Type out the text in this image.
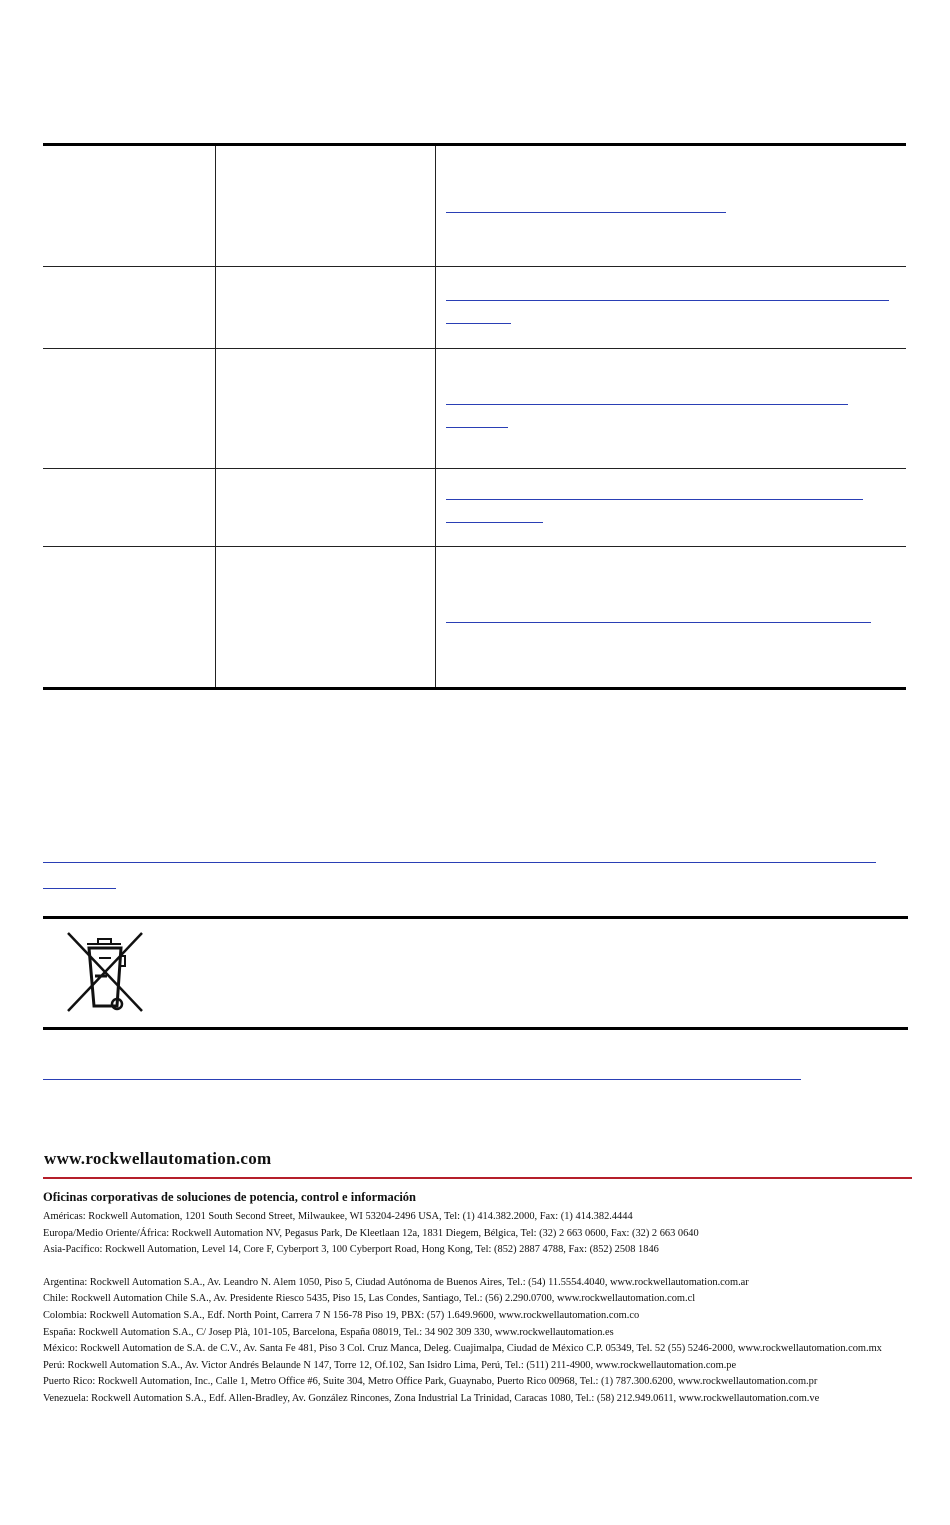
www.rockwellautomation.com
Oficinas corporativas de soluciones de potencia, control e información
Américas: Rockwell Automation, 1201 South Second Street, Milwaukee, WI 53204-2496 USA, Tel: (1) 414.382.2000, Fax: (1) 414.382.4444
Europa/Medio Oriente/África: Rockwell Automation NV, Pegasus Park, De Kleetlaan 12a, 1831 Diegem, Bélgica, Tel: (32) 2 663 0600, Fax: (32) 2 663 0640
Asia-Pacífico: Rockwell Automation, Level 14, Core F, Cyberport 3, 100 Cyberport Road, Hong Kong, Tel: (852) 2887 4788, Fax: (852) 2508 1846
Argentina: Rockwell Automation S.A., Av. Leandro N. Alem 1050, Piso 5, Ciudad Autónoma de Buenos Aires, Tel.: (54) 11.5554.4040, www.rockwellautomation.com.ar
Chile: Rockwell Automation Chile S.A., Av. Presidente Riesco 5435, Piso 15, Las Condes, Santiago, Tel.: (56) 2.290.0700, www.rockwellautomation.com.cl
Colombia: Rockwell Automation S.A., Edf. North Point, Carrera 7 N 156-78 Piso 19, PBX: (57) 1.649.9600, www.rockwellautomation.com.co
España: Rockwell Automation S.A., C/ Josep Plà, 101-105, Barcelona, España 08019, Tel.: 34 902 309 330, www.rockwellautomation.es
México: Rockwell Automation de S.A. de C.V., Av. Santa Fe 481, Piso 3 Col. Cruz Manca, Deleg. Cuajimalpa, Ciudad de México C.P. 05349, Tel. 52 (55) 5246-2000, www.rockwellautomation.com.mx
Perú: Rockwell Automation S.A., Av. Victor Andrés Belaunde N 147, Torre 12, Of.102, San Isidro Lima, Perú, Tel.: (511) 211-4900, www.rockwellautomation.com.pe
Puerto Rico: Rockwell Automation, Inc., Calle 1, Metro Office #6, Suite 304, Metro Office Park, Guaynabo, Puerto Rico 00968, Tel.: (1) 787.300.6200, www.rockwellautomation.com.pr
Venezuela: Rockwell Automation S.A., Edf. Allen-Bradley, Av. González Rincones, Zona Industrial La Trinidad, Caracas 1080, Tel.: (58) 212.949.0611, www.rockwellautomation.com.ve
